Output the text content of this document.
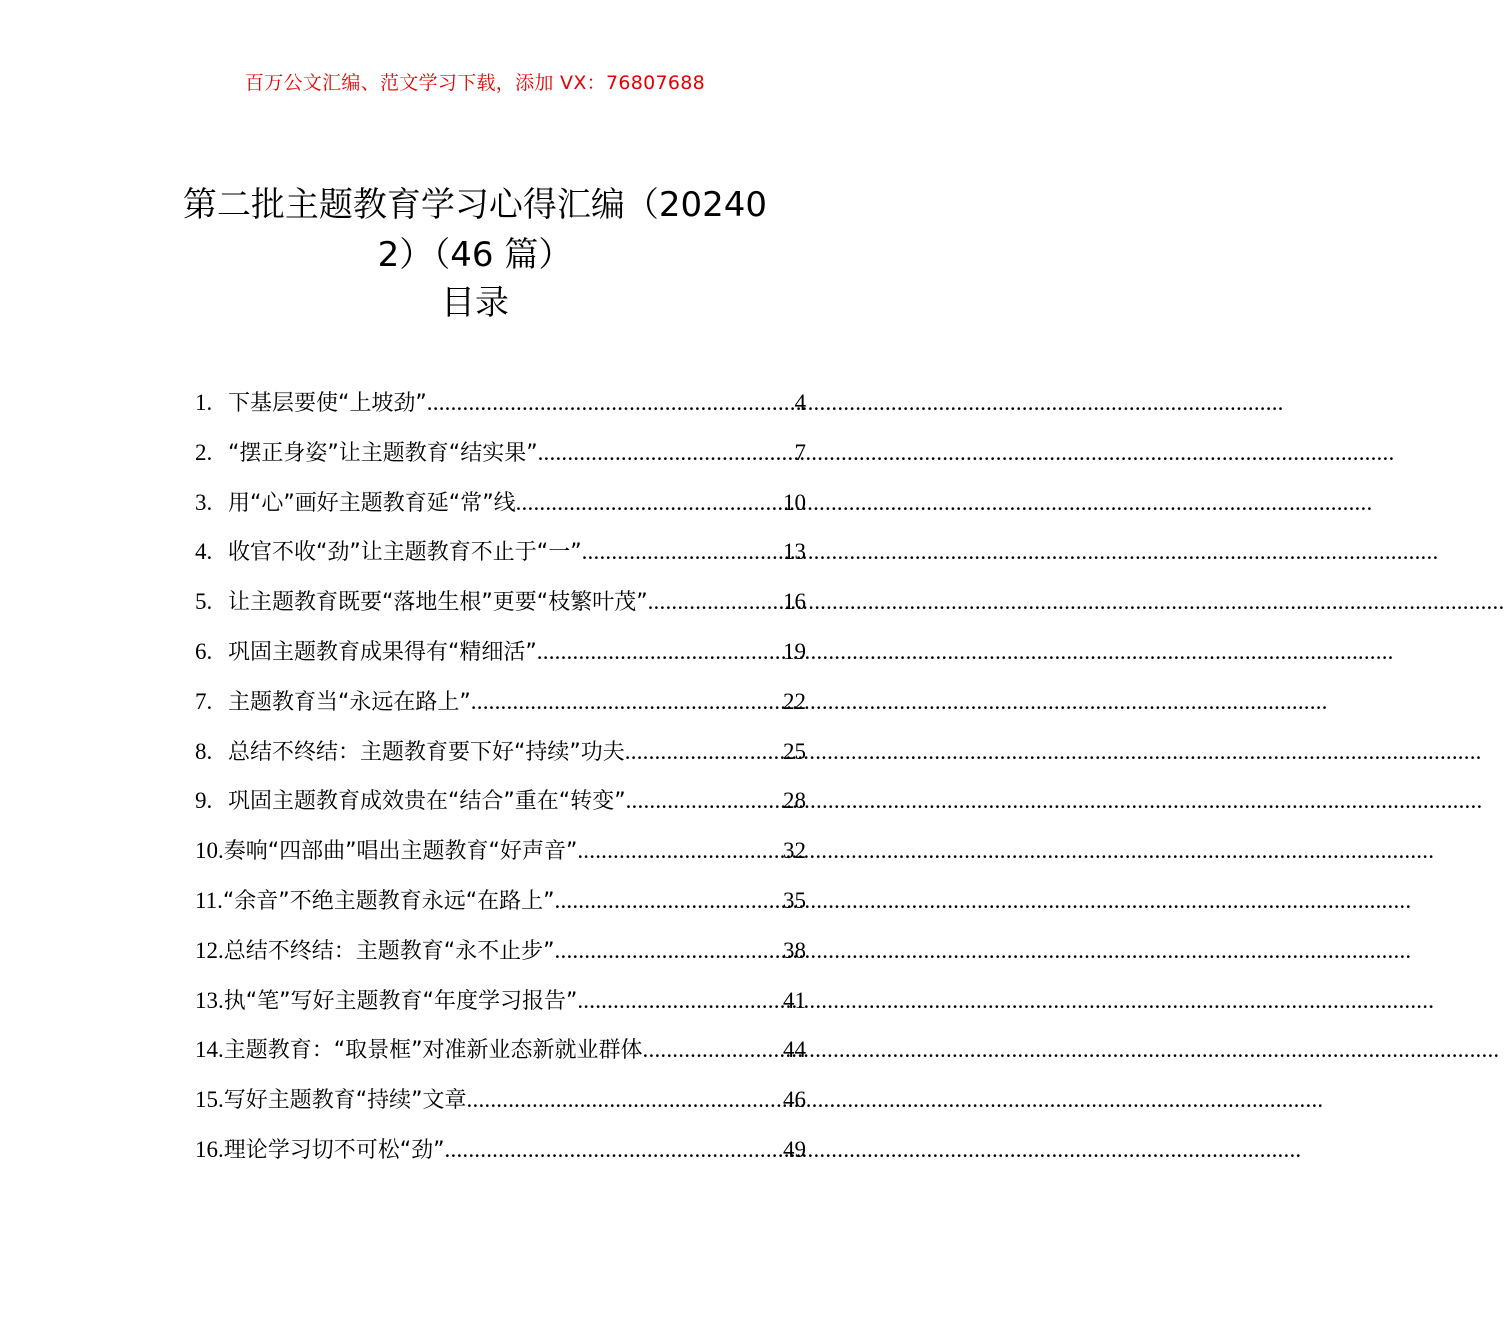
百万公文汇编、范文学习下载，添加 VX：76807688
第二批主题教育学习心得汇编（20240
2）（46 篇）
目录
1. 下基层要使“上坡劲” .....	4
2. “摆正身姿”让主题教育“结实果” .....	7
3. 用“心”画好主题教育延“常”线 .....	10
4. 收官不收“劲”让主题教育不止于“一” .....	13
5. 让主题教育既要“落地生根”更要“枝繁叶茂” .....	16
6. 巩固主题教育成果得有“精细活” .....	19
7. 主题教育当“永远在路上” .....	22
8. 总结不终结：主题教育要下好“持续”功夫 .....	25
9. 巩固主题教育成效贵在“结合”重在“转变” .....	28
10. 奏响“四部曲”唱出主题教育“好声音” .....	32
11. “余音”不绝主题教育永远“在路上” .....	35
12. 总结不终结：主题教育“永不止步” .....	38
13. 执“笔”写好主题教育“年度学习报告” .....	41
14. 主题教育：“取景框”对准新业态新就业群体 .....	44
15. 写好主题教育“持续”文章 .....	46
16. 理论学习切不可松“劲” .....	49
